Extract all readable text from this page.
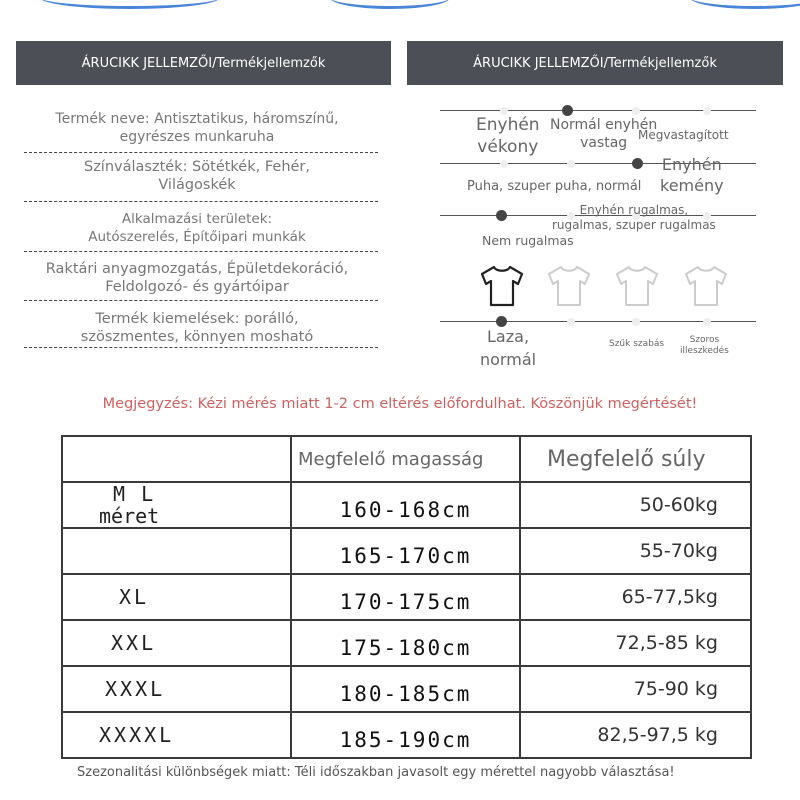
ÁRUCIKK JELLEMZŐI/Termékjellemzők
Termék neve: Antisztatikus, háromszínű,
egyrészes munkaruha
Színválaszték: Sötétkék, Fehér,
Világoskék
Alkalmazási területek:
Autószerelés, Építőipari munkák
Raktári anyagmozgatás, Épületdekoráció,
Feldolgozó- és gyártóipar
Termék kiemelések: porálló,
szöszmentes, könnyen mosható
ÁRUCIKK JELLEMZŐI/Termékjellemzők
Enyhén
vékony
Normál enyhén
vastag Megvastagított
Puha, szuper puha, normál
Enyhén
kemény
Enyhén rugalmas,
rugalmas, szuper rugalmas
Nem rugalmas
Laza,
normál
Szűk szabás	Szoros
illeszkedés
Megjegyzés: Kézi mérés miatt 1-2 cm eltérés előfordulhat. Köszönjük megértését!
	Megfelelő magasság	Megfelelő súly

M L
méret	160-168cm	50-60kg
	165-170cm	55-70kg
XL	170-175cm	65-77,5kg
XXL	175-180cm	72,5-85 kg
XXXL	180-185cm	75-90 kg
XXXXL	185-190cm	82,5-97,5 kg
Szezonalitási különbségek miatt: Téli időszakban javasolt egy mérettel nagyobb választása!
